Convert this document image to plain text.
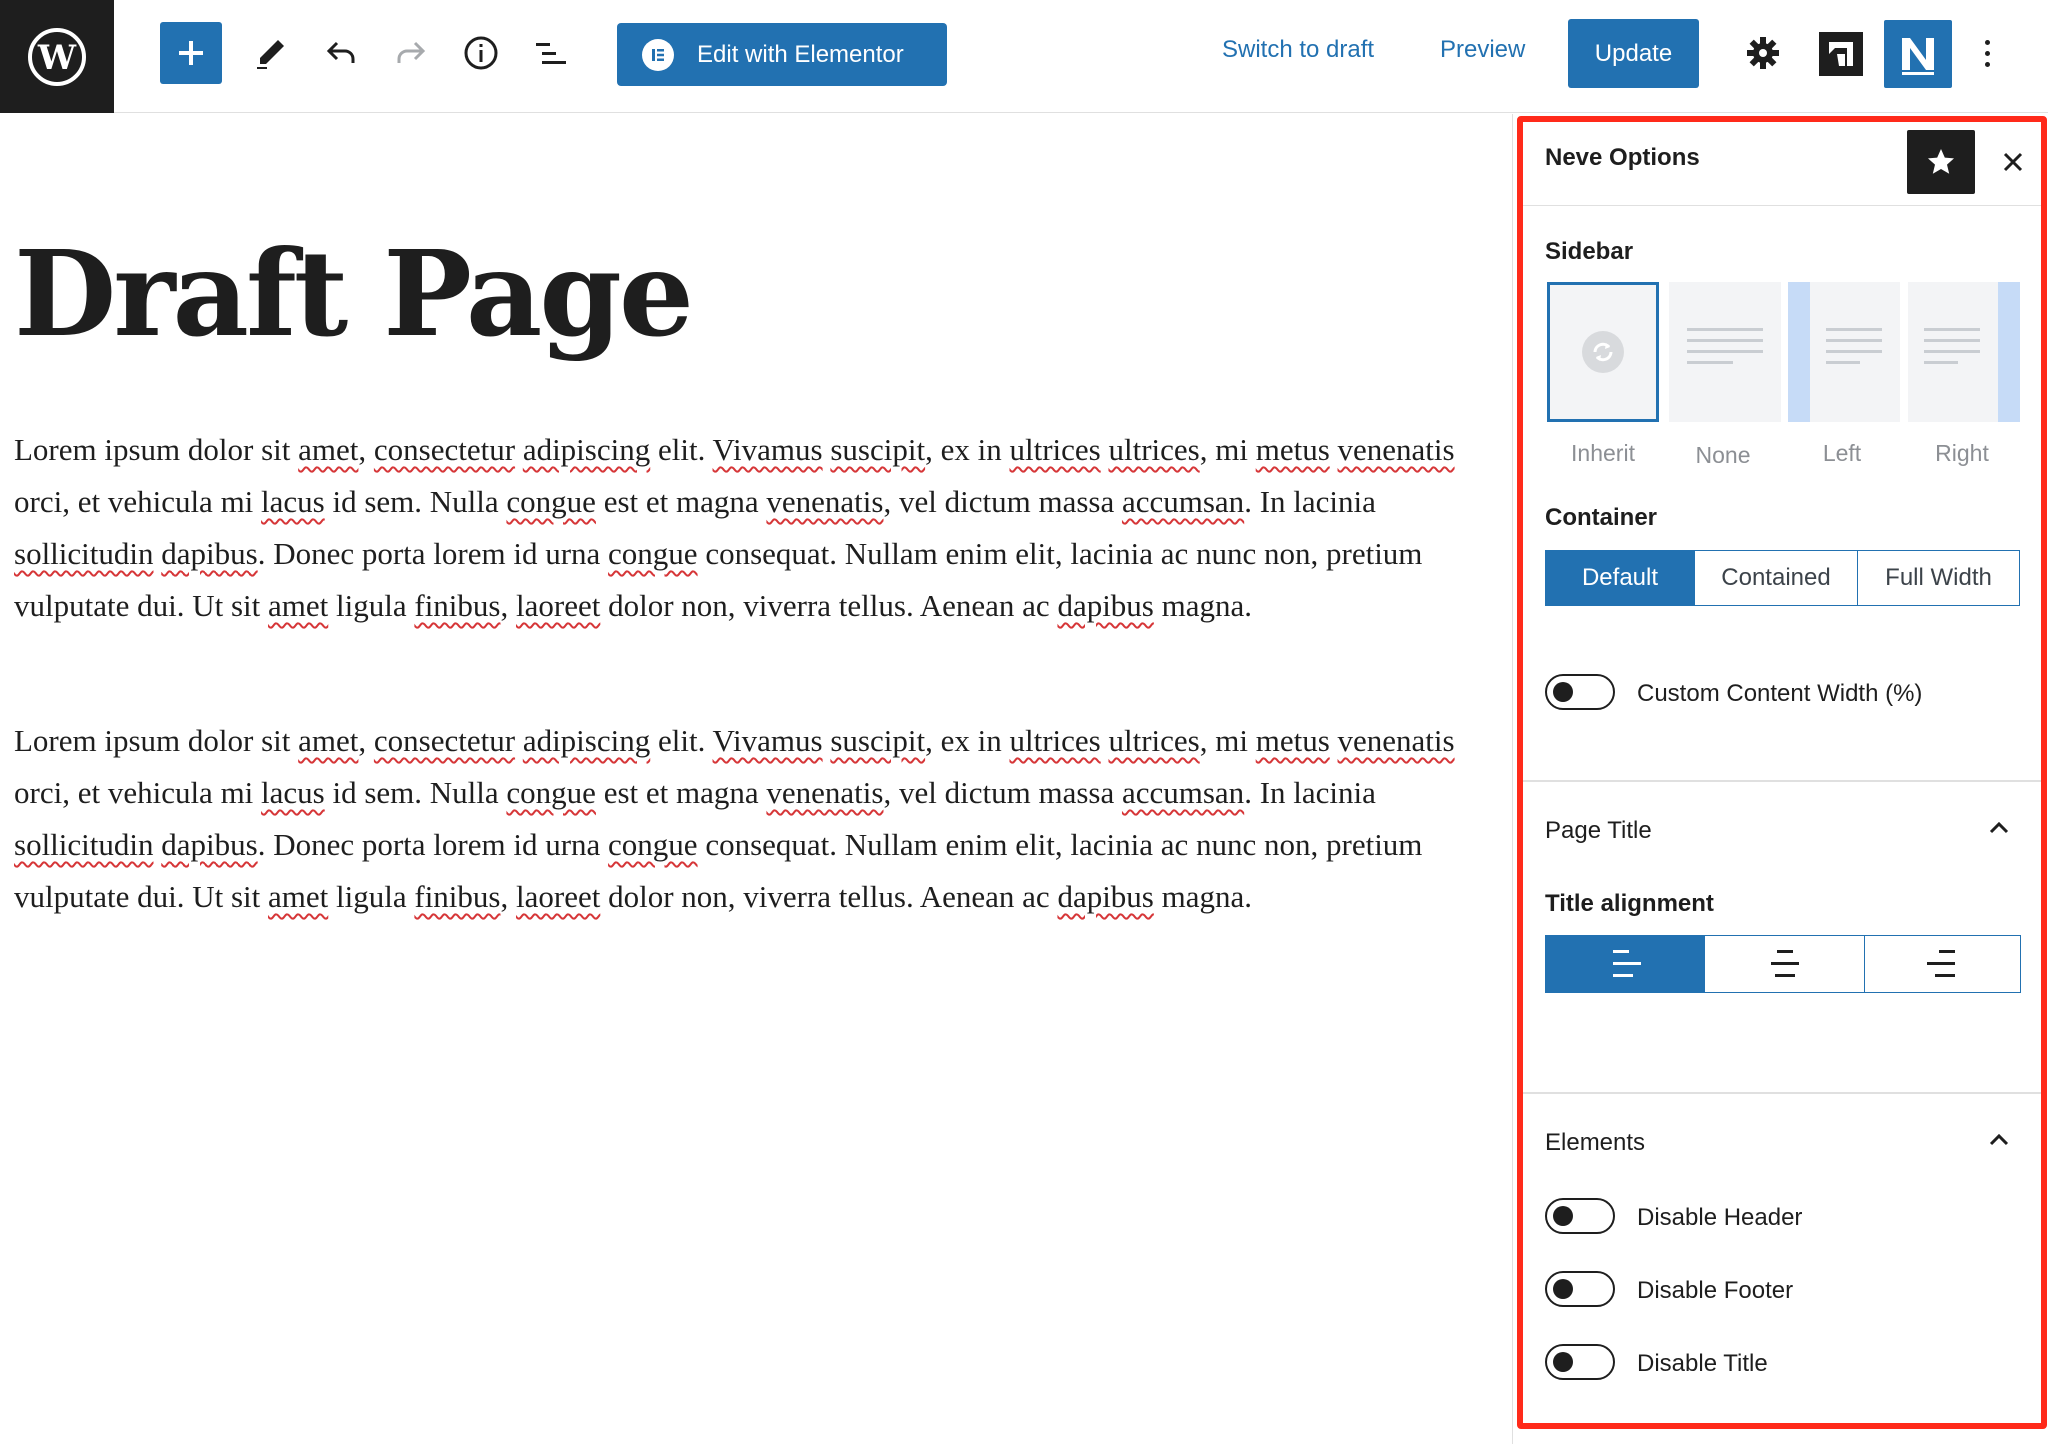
W	Edit with Elementor	Switch to draft	Preview	Update
Draft Page

Lorem ipsum dolor sit amet, consectetur adipiscing elit. Vivamus suscipit, ex in ultrices ultrices, mi metus venenatis orci, et vehicula mi lacus id sem. Nulla congue est et magna venenatis, vel dictum massa accumsan. In lacinia sollicitudin dapibus. Donec porta lorem id urna congue consequat. Nullam enim elit, lacinia ac nunc non, pretium vulputate dui. Ut sit amet ligula finibus, laoreet dolor non, viverra tellus. Aenean ac dapibus magna.

Lorem ipsum dolor sit amet, consectetur adipiscing elit. Vivamus suscipit, ex in ultrices ultrices, mi metus venenatis orci, et vehicula mi lacus id sem. Nulla congue est et magna venenatis, vel dictum massa accumsan. In lacinia sollicitudin dapibus. Donec porta lorem id urna congue consequat. Nullam enim elit, lacinia ac nunc non, pretium vulputate dui. Ut sit amet ligula finibus, laoreet dolor non, viverra tellus. Aenean ac dapibus magna.

Neve Options
Sidebar
Inherit	None	Left	Right
Container
Default	Contained	Full Width
Custom Content Width (%)
Page Title
Title alignment
Elements
Disable Header
Disable Footer
Disable Title
